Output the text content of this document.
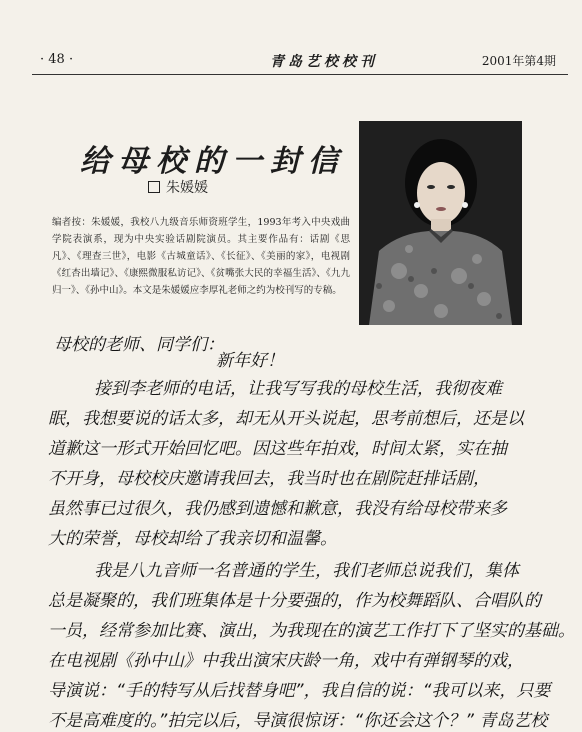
· 48 ·	青岛艺校校刊	2001年第4期
给母校的一封信
朱媛媛

编者按：朱媛媛，我校八九级音乐师资班学生，1993年考入中央戏曲学院表演系，现为中央实验话剧院演员。其主要作品有：话剧《思凡》、《理查三世》，电影《古城童话》、《长征》、《美丽的家》，电视剧《红杏出墙记》、《康熙微服私访记》、《贫嘴张大民的幸福生活》、《九九归一》、《孙中山》。本文是朱媛媛应李厚礼老师之约为校刊写的专稿。

母校的老师、同学们：
新年好！
接到李老师的电话，让我写写我的母校生活，我彻夜难
眠，我想要说的话太多，却无从开头说起，思考前想后，还是以
道歉这一形式开始回忆吧。因这些年拍戏，时间太紧，实在抽
不开身，母校校庆邀请我回去，我当时也在剧院赶排话剧，
虽然事已过很久，我仍感到遗憾和歉意，我没有给母校带来多
大的荣誉，母校却给了我亲切和温馨。
我是八九音师一名普通的学生，我们老师总说我们，集体
总是凝聚的，我们班集体是十分要强的，作为校舞蹈队、合唱队的
一员，经常参加比赛、演出，为我现在的演艺工作打下了坚实的基础。
在电视剧《孙中山》中我出演宋庆龄一角，戏中有弹钢琴的戏，
导演说：“手的特写从后找替身吧”，我自信的说：“我可以来，只要
不是高难度的。”拍完以后，导演很惊讶：“你还会这个？” 青岛艺校
